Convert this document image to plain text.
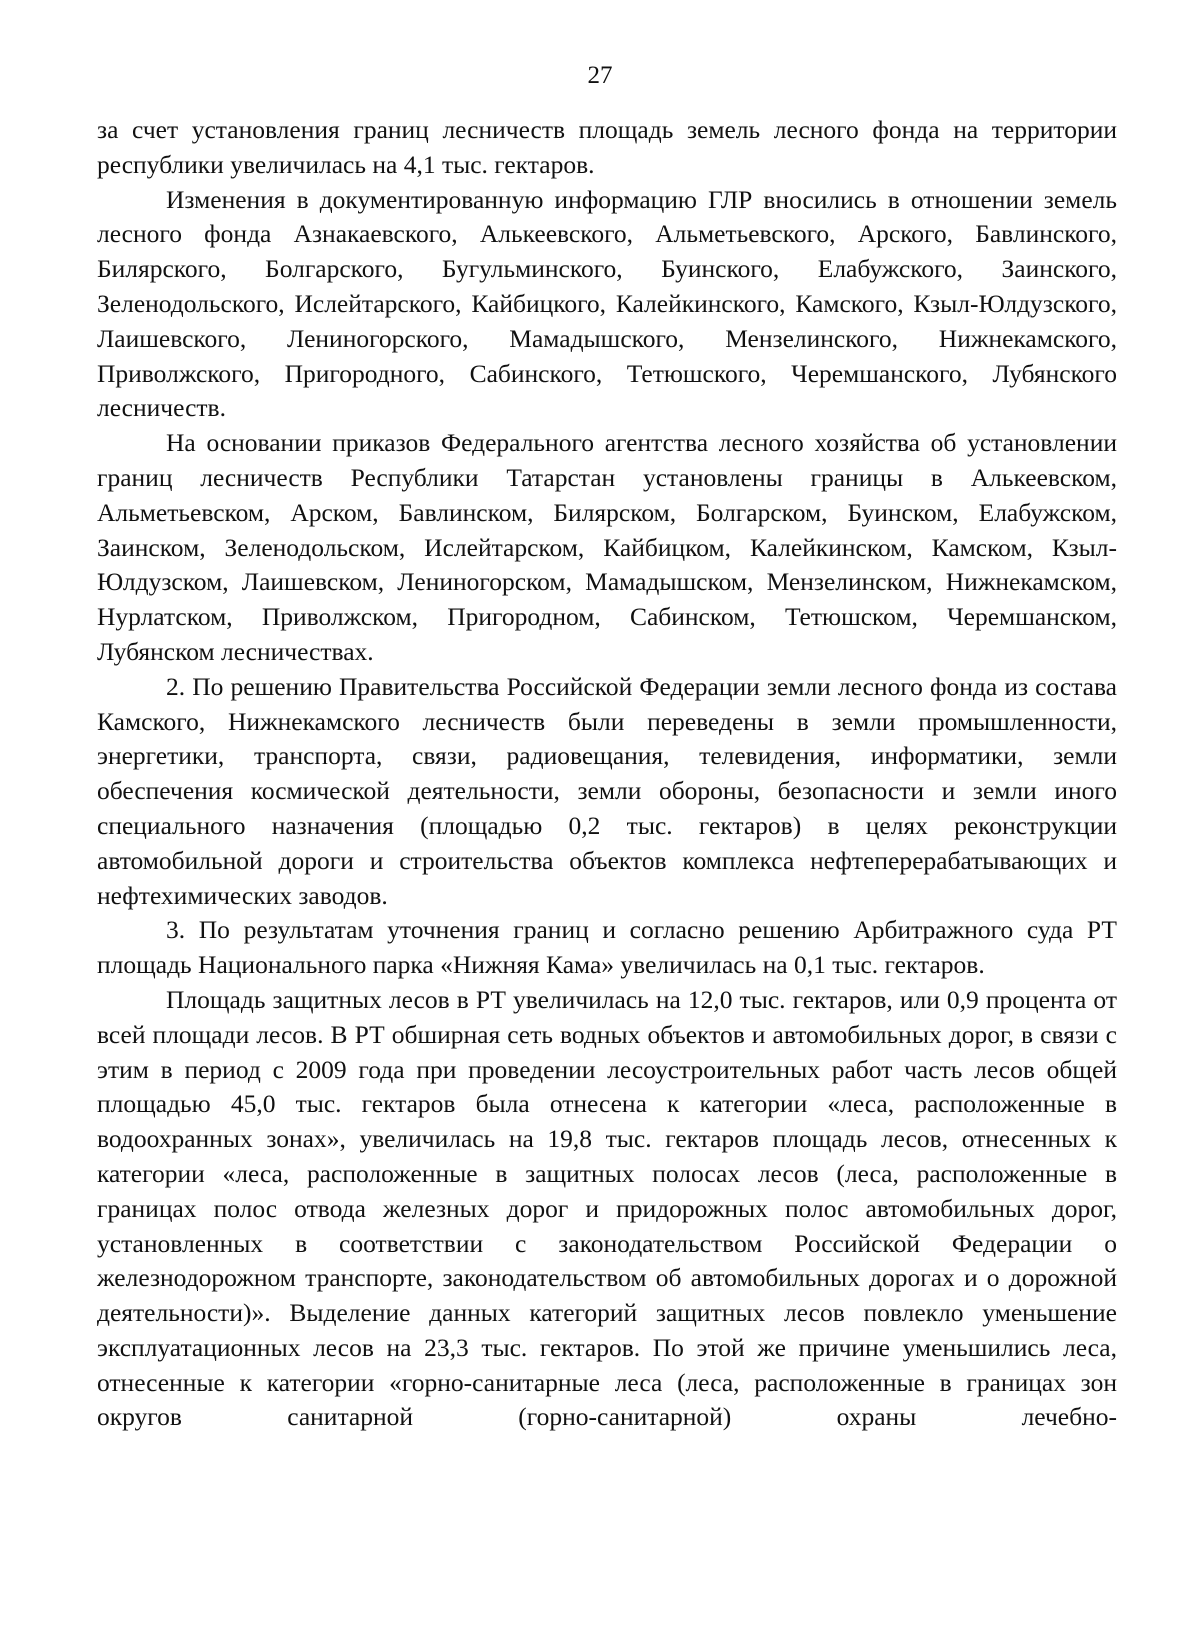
27

за счет установления границ лесничеств площадь земель лесного фонда на территории республики увеличилась на 4,1 тыс. гектаров.

Изменения в документированную информацию ГЛР вносились в отношении земель лесного фонда Азнакаевского, Алькеевского, Альметьевского, Арского, Бавлинского, Билярского, Болгарского, Бугульминского, Буинского, Елабужского, Заинского, Зеленодольского, Ислейтарского, Кайбицкого, Калейкинского, Камского, Кзыл-Юлдузского, Лаишевского, Лениногорского, Мамадышского, Мензелинского, Нижнекамского, Приволжского, Пригородного, Сабинского, Тетюшского, Черемшанского, Лубянского лесничеств.

На основании приказов Федерального агентства лесного хозяйства об установлении границ лесничеств Республики Татарстан установлены границы в Алькеевском, Альметьевском, Арском, Бавлинском, Билярском, Болгарском, Буинском, Елабужском, Заинском, Зеленодольском, Ислейтарском, Кайбицком, Калейкинском, Камском, Кзыл-Юлдузском, Лаишевском, Лениногорском, Мамадышском, Мензелинском, Нижнекамском, Нурлатском, Приволжском, Пригородном, Сабинском, Тетюшском, Черемшанском, Лубянском лесничествах.

2. По решению Правительства Российской Федерации земли лесного фонда из состава Камского, Нижнекамского лесничеств были переведены в земли промышленности, энергетики, транспорта, связи, радиовещания, телевидения, информатики, земли обеспечения космической деятельности, земли обороны, безопасности и земли иного специального назначения (площадью 0,2 тыс. гектаров) в целях реконструкции автомобильной дороги и строительства объектов комплекса нефтеперерабатывающих и нефтехимических заводов.

3. По результатам уточнения границ и согласно решению Арбитражного суда РТ площадь Национального парка «Нижняя Кама» увеличилась на 0,1 тыс. гектаров.

Площадь защитных лесов в РТ увеличилась на 12,0 тыс. гектаров, или 0,9 процента от всей площади лесов. В РТ обширная сеть водных объектов и автомобильных дорог, в связи с этим в период с 2009 года при проведении лесоустроительных работ часть лесов общей площадью 45,0 тыс. гектаров была отнесена к категории «леса, расположенные в водоохранных зонах», увеличилась на 19,8 тыс. гектаров площадь лесов, отнесенных к категории «леса, расположенные в защитных полосах лесов (леса, расположенные в границах полос отвода железных дорог и придорожных полос автомобильных дорог, установленных в соответствии с законодательством Российской Федерации о железнодорожном транспорте, законодательством об автомобильных дорогах и о дорожной деятельности)». Выделение данных категорий защитных лесов повлекло уменьшение эксплуатационных лесов на 23,3 тыс. гектаров. По этой же причине уменьшились леса, отнесенные к категории «горно-санитарные леса (леса, расположенные в границах зон округов санитарной (горно-санитарной) охраны лечебно-
